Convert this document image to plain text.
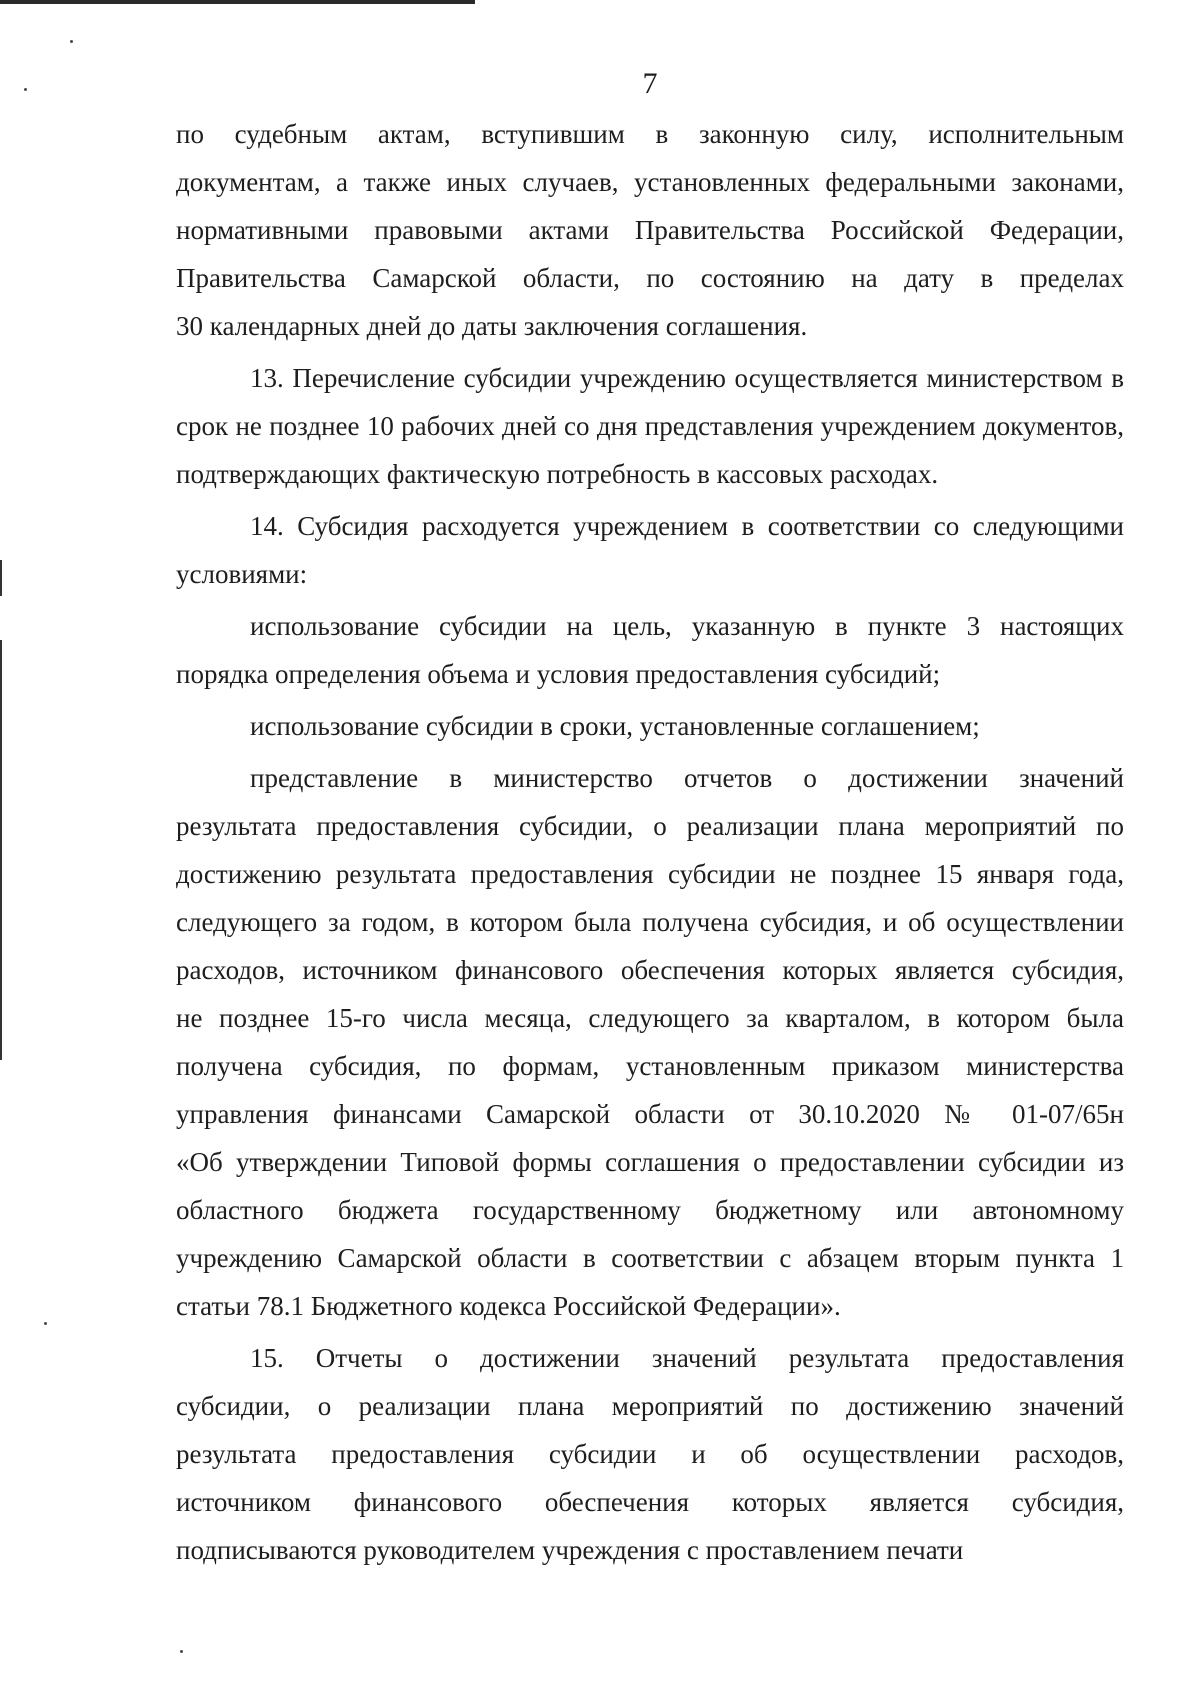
7
по судебным актам, вступившим в законную силу, исполнительным
документам, а также иных случаев, установленных федеральными законами,
нормативными правовыми актами Правительства Российской Федерации,
Правительства Самарской области, по состоянию на дату в пределах
30 календарных дней до даты заключения соглашения.
13. Перечисление субсидии учреждению осуществляется министерством в
срок не позднее 10 рабочих дней со дня представления учреждением документов,
подтверждающих фактическую потребность в кассовых расходах.
14. Субсидия расходуется учреждением в соответствии со следующими
условиями:
использование субсидии на цель, указанную в пункте 3 настоящих
порядка определения объема и условия предоставления субсидий;
использование субсидии в сроки, установленные соглашением;
представление в министерство отчетов о достижении значений
результата предоставления субсидии, о реализации плана мероприятий по
достижению результата предоставления субсидии не позднее 15 января года,
следующего за годом, в котором была получена субсидия, и об осуществлении
расходов, источником финансового обеспечения которых является субсидия,
не позднее 15-го числа месяца, следующего за кварталом, в котором была
получена субсидия, по формам, установленным приказом министерства
управления финансами Самарской области от 30.10.2020 № 01-07/65н
«Об утверждении Типовой формы соглашения о предоставлении субсидии из
областного бюджета государственному бюджетному или автономному
учреждению Самарской области в соответствии с абзацем вторым пункта 1
статьи 78.1 Бюджетного кодекса Российской Федерации».
15. Отчеты о достижении значений результата предоставления
субсидии, о реализации плана мероприятий по достижению значений
результата предоставления субсидии и об осуществлении расходов,
источником финансового обеспечения которых является субсидия,
подписываются руководителем учреждения с проставлением печати
